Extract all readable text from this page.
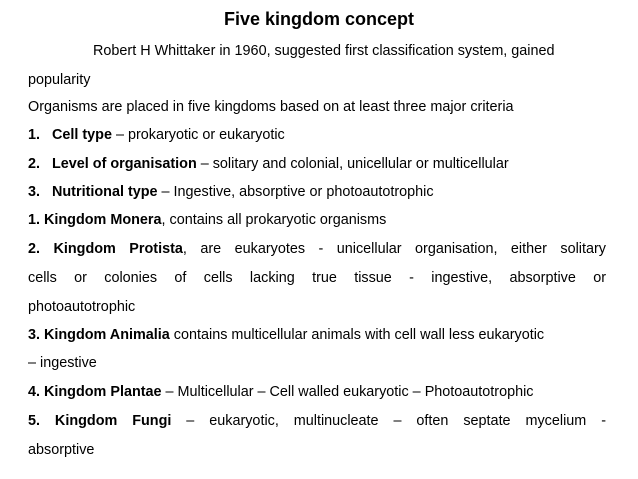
Five kingdom concept
Robert H Whittaker in 1960, suggested first classification system, gained
popularity
Organisms are placed in five kingdoms based on at least three major criteria
1. Cell type – prokaryotic or eukaryotic
2. Level of organisation – solitary and colonial, unicellular or multicellular
3. Nutritional type – Ingestive, absorptive or photoautotrophic
1. Kingdom Monera, contains all prokaryotic organisms
2. Kingdom Protista, are eukaryotes - unicellular organisation, either solitary
cells or colonies of cells lacking true tissue - ingestive, absorptive or
photoautotrophic
3. Kingdom Animalia contains multicellular animals with cell wall less eukaryotic
– ingestive
4. Kingdom Plantae – Multicellular – Cell walled eukaryotic – Photoautotrophic
5. Kingdom Fungi – eukaryotic, multinucleate – often septate mycelium -
absorptive
